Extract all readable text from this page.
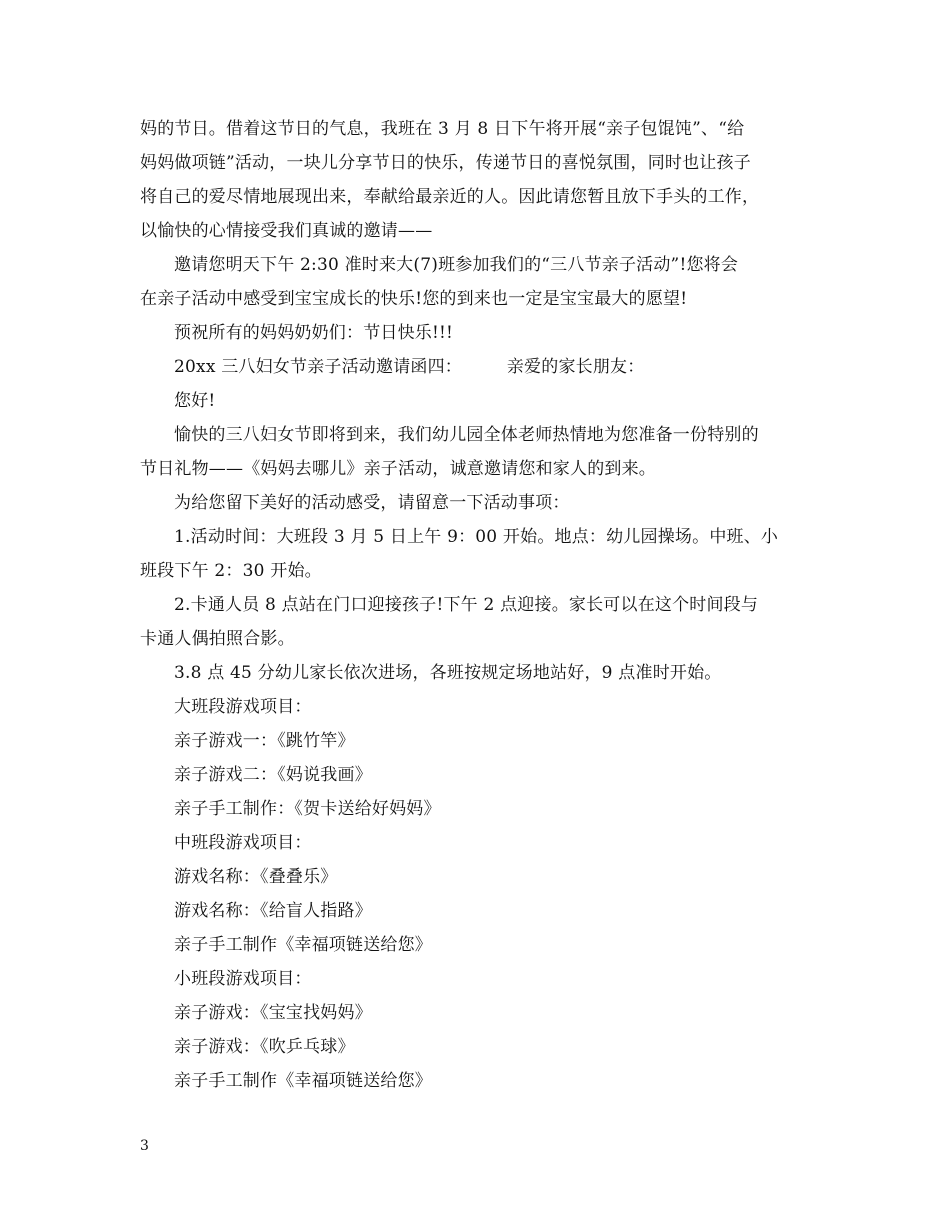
妈的节日。借着这节日的气息，我班在 3 月 8 日下午将开展“亲子包馄饨”、“给

妈妈做项链”活动，一块儿分享节日的快乐，传递节日的喜悦氛围，同时也让孩子

将自己的爱尽情地展现出来，奉献给最亲近的人。因此请您暂且放下手头的工作，

以愉快的心情接受我们真诚的邀请——

邀请您明天下午 2:30 准时来大(7)班参加我们的“三八节亲子活动”!您将会

在亲子活动中感受到宝宝成长的快乐!您的到来也一定是宝宝最大的愿望!

预祝所有的妈妈奶奶们：节日快乐!!!

20xx 三八妇女节亲子活动邀请函四：        亲爱的家长朋友：

您好!

愉快的三八妇女节即将到来，我们幼儿园全体老师热情地为您准备一份特别的

节日礼物——《妈妈去哪儿》亲子活动，诚意邀请您和家人的到来。

为给您留下美好的活动感受，请留意一下活动事项：

1.活动时间：大班段 3 月 5 日上午 9：00 开始。地点：幼儿园操场。中班、小

班段下午 2：30 开始。

2.卡通人员 8 点站在门口迎接孩子!下午 2 点迎接。家长可以在这个时间段与

卡通人偶拍照合影。

3.8 点 45 分幼儿家长依次进场，各班按规定场地站好，9 点准时开始。

大班段游戏项目：

亲子游戏一：《跳竹竿》

亲子游戏二：《妈说我画》

亲子手工制作：《贺卡送给好妈妈》

中班段游戏项目：

游戏名称：《叠叠乐》

游戏名称：《给盲人指路》

亲子手工制作《幸福项链送给您》

小班段游戏项目：

亲子游戏：《宝宝找妈妈》

亲子游戏：《吹乒乓球》

亲子手工制作《幸福项链送给您》

3
